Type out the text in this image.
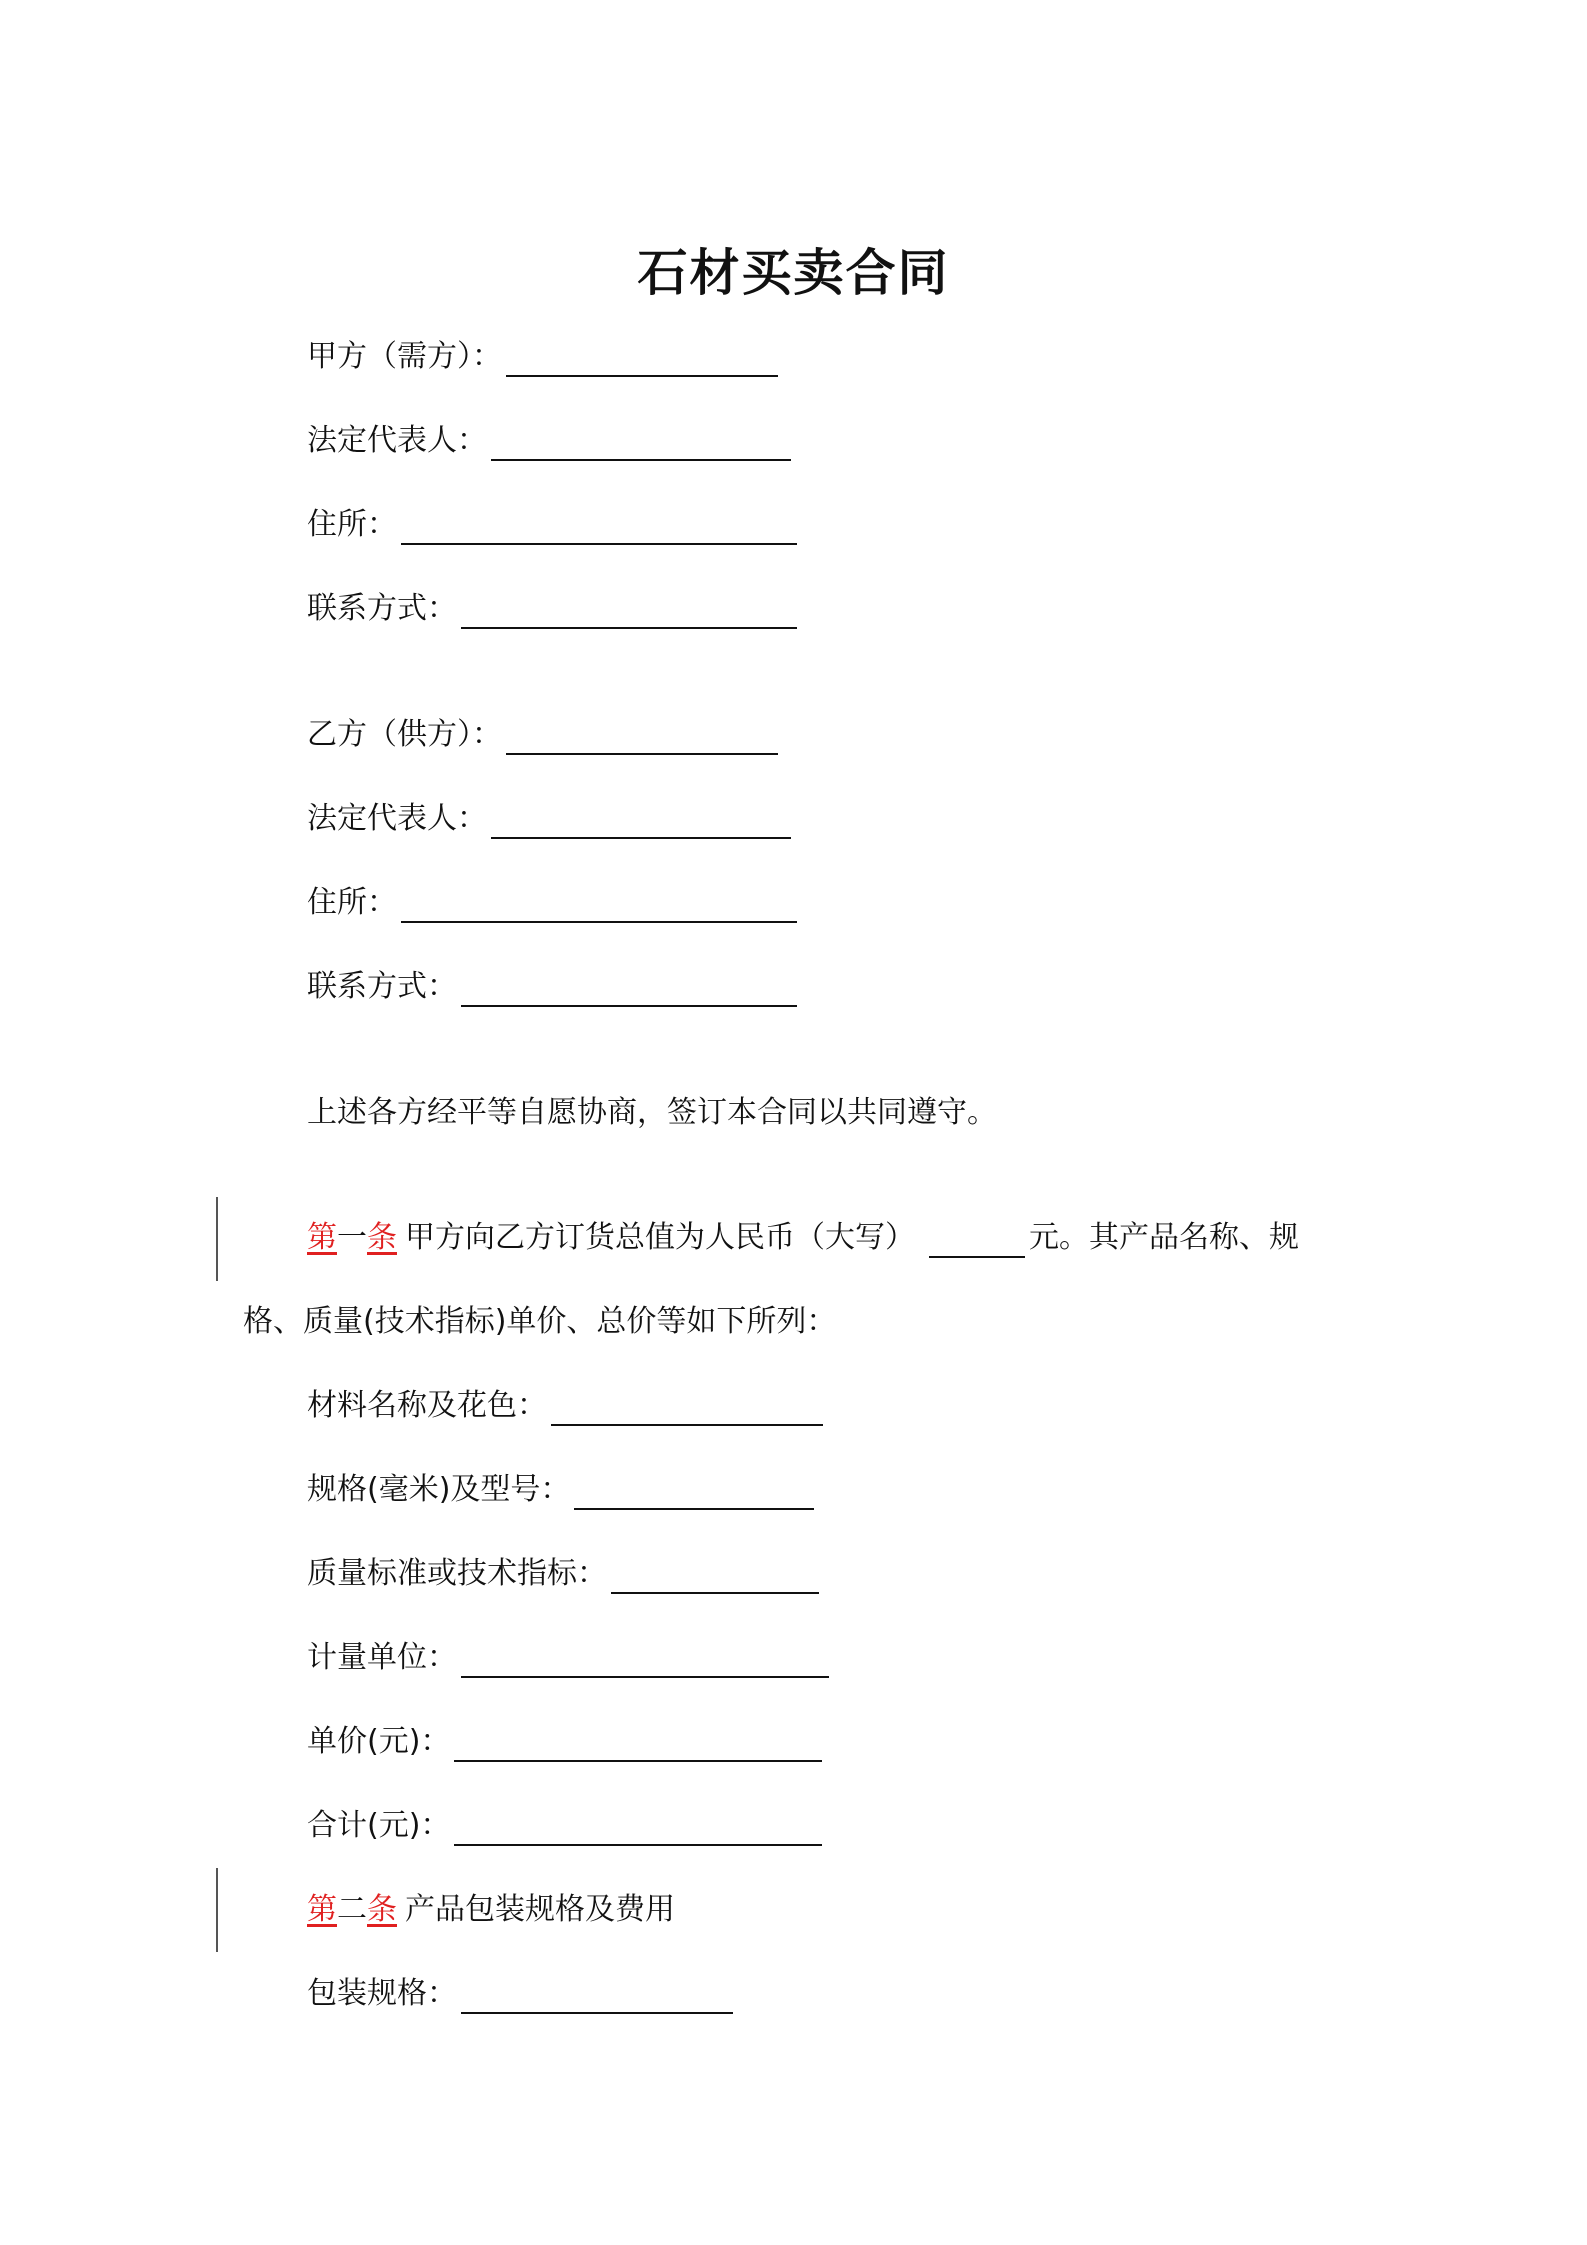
石材买卖合同
甲方（需方）：
法定代表人：
住所：
联系方式：
乙方（供方）：
法定代表人：
住所：
联系方式：
上述各方经平等自愿协商，签订本合同以共同遵守。
第 一 条 甲方向乙方订货总值为人民币（大写）	元。其产品名称、规
格、质量(技术指标)单价、总价等如下所列：
材料名称及花色：
规格(毫米)及型号：
质量标准或技术指标：
计量单位：
单价(元)：
合计(元)：
第 二 条 产品包装规格及费用
包装规格：
